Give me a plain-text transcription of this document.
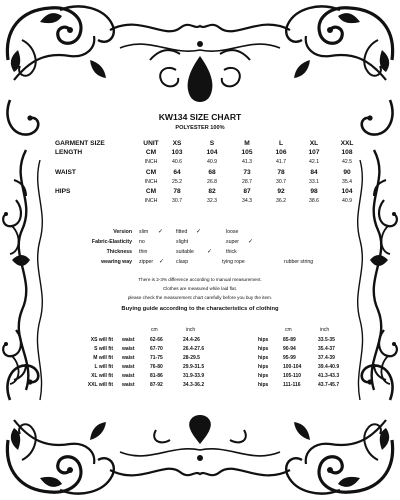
KW134 SIZE CHART
POLYESTER 100%
GARMENT SIZE	UNIT XS	S	M	L	XL	XXL
LENGTH	CM 103	104	105	106	107	108
INCH	40.6	40.9	41.3	41.7	42.1	42.5
WAIST	CM	64	68	73	78	84	90
INCH	25.2	26.8	28.7	30.7	33.1	35.4
HIPS	CM	78	82	87	92	98	104
INCH	30.7	32.3	34.3	36.2	38.6	40.9
Version slim ✓ fitted ✓	loose
Fabric-Elasticity no	slight	super ✓
Thickness thin	suitable ✓	thick
wearing way zipper ✓ clasp	tying rope	rubber string
There is 2-3% difference according to manual measurement.
Clothes are measured while laid flat.
please check the measurement chart carefully before you buy the item.
Buying guide according to the characteristics of clothing
cm	inch	cm	inch
XS will fit waist	62-66	24.4-26	hips	85-89	33.5-35
S will fit waist	67-70	26.4-27.6	hips	90-94	35.4-37
M will fit waist	71-75	28-29.5	hips	95-99	37.4-39
L will fit waist	76-80	29.9-31.5	hips	100-104	39.4-40.9
XL will fit waist	81-86	31.9-33.9	hips	105-110	41.3-43.3
XXL will fit waist	87-92	34.3-36.2	hips	111-116	43.7-45.7
